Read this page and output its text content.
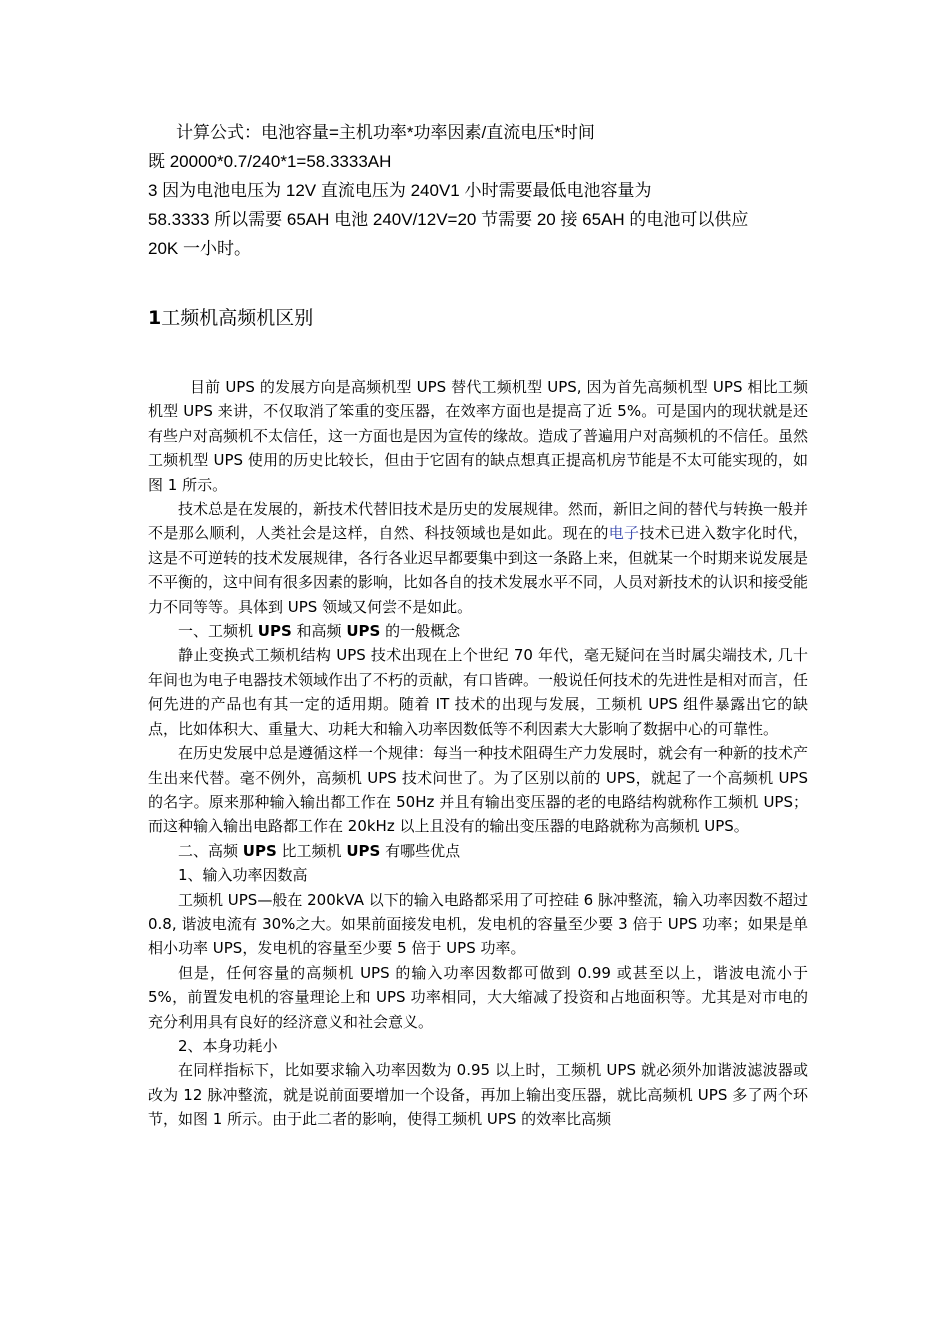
计算公式：电池容量=主机功率*功率因素/直流电压*时间
既 20000*0.7/240*1=58.3333AH
3 因为电池电压为 12V 直流电压为 240V1 小时需要最低电池容量为
58.3333 所以需要 65AH 电池 240V/12V=20 节需要 20 接 65AH 的电池可以供应
20K 一小时。
1工频机高频机区别

目前 UPS 的发展方向是高频机型 UPS 替代工频机型 UPS, 因为首先高频机型 UPS 相比工频机型 UPS 来讲，不仅取消了笨重的变压器，在效率方面也是提高了近 5%。可是国内的现状就是还有些户对高频机不太信任，这一方面也是因为宣传的缘故。造成了普遍用户对高频机的不信任。虽然工频机型 UPS 使用的历史比较长，但由于它固有的缺点想真正提高机房节能是不太可能实现的，如图 1 所示。

技术总是在发展的，新技术代替旧技术是历史的发展规律。然而，新旧之间的替代与转换一般并不是那么顺利，人类社会是这样，自然、科技领域也是如此。现在的电子技术已进入数字化时代，这是不可逆转的技术发展规律，各行各业迟早都要集中到这一条路上来，但就某一个时期来说发展是不平衡的，这中间有很多因素的影响，比如各自的技术发展水平不同，人员对新技术的认识和接受能力不同等等。具体到 UPS 领域又何尝不是如此。

一、工频机 UPS 和高频 UPS 的一般概念

静止变换式工频机结构 UPS 技术出现在上个世纪 70 年代，毫无疑问在当时属尖端技术, 几十年间也为电子电器技术领域作出了不朽的贡献，有口皆碑。一般说任何技术的先进性是相对而言，任何先进的产品也有其一定的适用期。随着 IT 技术的出现与发展，工频机 UPS 组件暴露出它的缺点，比如体积大、重量大、功耗大和输入功率因数低等不利因素大大影响了数据中心的可靠性。

在历史发展中总是遵循这样一个规律：每当一种技术阻碍生产力发展时，就会有一种新的技术产生出来代替。毫不例外，高频机 UPS 技术问世了。为了区别以前的 UPS，就起了一个高频机 UPS 的名字。原来那种输入输出都工作在 50Hz 并且有输出变压器的老的电路结构就称作工频机 UPS；而这种输入输出电路都工作在 20kHz 以上且没有的输出变压器的电路就称为高频机 UPS。

二、高频 UPS 比工频机 UPS 有哪些优点

1、输入功率因数高

工频机 UPS—般在 200kVA 以下的输入电路都采用了可控硅 6 脉冲整流，输入功率因数不超过 0.8, 谐波电流有 30%之大。如果前面接发电机，发电机的容量至少要 3 倍于 UPS 功率；如果是单相小功率 UPS，发电机的容量至少要 5 倍于 UPS 功率。

但是，任何容量的高频机 UPS 的输入功率因数都可做到 0.99 或甚至以上，谐波电流小于 5%，前置发电机的容量理论上和 UPS 功率相同，大大缩减了投资和占地面积等。尤其是对市电的充分利用具有良好的经济意义和社会意义。

2、本身功耗小

在同样指标下，比如要求输入功率因数为 0.95 以上时，工频机 UPS 就必须外加谐波滤波器或改为 12 脉冲整流，就是说前面要增加一个设备，再加上输出变压器，就比高频机 UPS 多了两个环节，如图 1 所示。由于此二者的影响，使得工频机 UPS 的效率比高频
